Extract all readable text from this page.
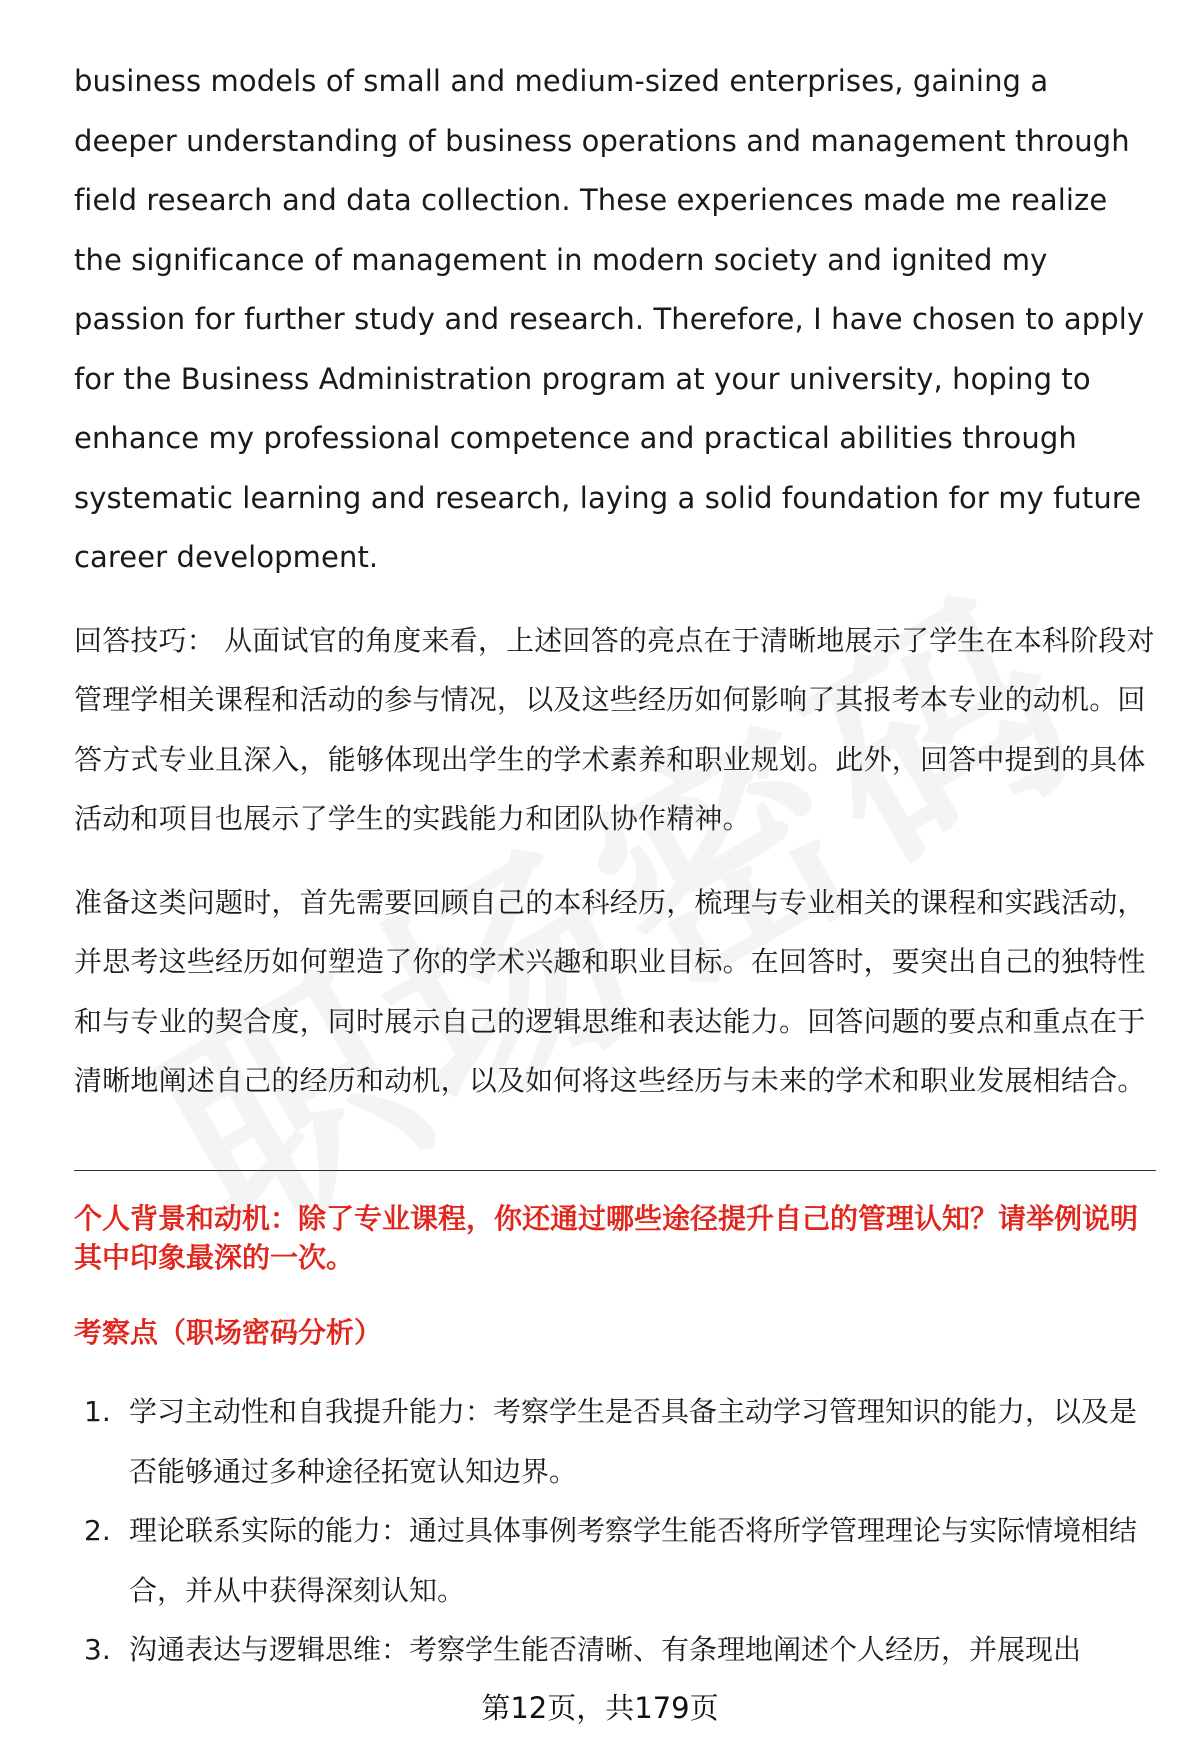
business models of small and medium-sized enterprises, gaining a deeper understanding of business operations and management through field research and data collection. These experiences made me realize the significance of management in modern society and ignited my passion for further study and research. Therefore, I have chosen to apply for the Business Administration program at your university, hoping to enhance my professional competence and practical abilities through systematic learning and research, laying a solid foundation for my future career development.

回答技巧： 从面试官的角度来看，上述回答的亮点在于清晰地展示了学生在本科阶段对管理学相关课程和活动的参与情况，以及这些经历如何影响了其报考本专业的动机。回答方式专业且深入，能够体现出学生的学术素养和职业规划。此外，回答中提到的具体活动和项目也展示了学生的实践能力和团队协作精神。

准备这类问题时，首先需要回顾自己的本科经历，梳理与专业相关的课程和实践活动，并思考这些经历如何塑造了你的学术兴趣和职业目标。在回答时，要突出自己的独特性和与专业的契合度，同时展示自己的逻辑思维和表达能力。回答问题的要点和重点在于清晰地阐述自己的经历和动机，以及如何将这些经历与未来的学术和职业发展相结合。

个人背景和动机：除了专业课程，你还通过哪些途径提升自己的管理认知？请举例说明其中印象最深的一次。

考察点（职场密码分析）

1. 学习主动性和自我提升能力：考察学生是否具备主动学习管理知识的能力，以及是否能够通过多种途径拓宽认知边界。
2. 理论联系实际的能力：通过具体事例考察学生能否将所学管理理论与实际情境相结合，并从中获得深刻认知。
3. 沟通表达与逻辑思维：考察学生能否清晰、有条理地阐述个人经历，并展现出
第12页，共179页
